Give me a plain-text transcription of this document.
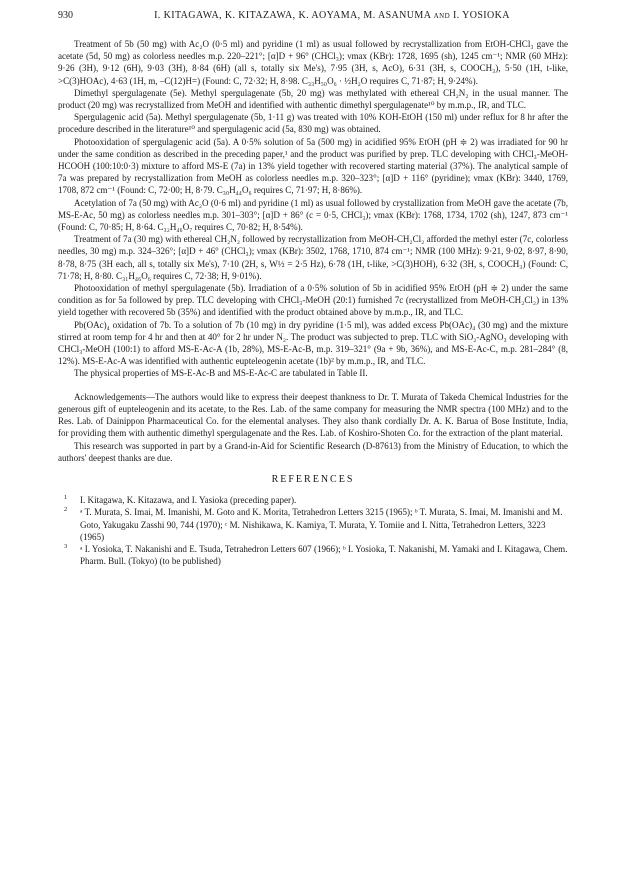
930	I. KITAGAWA, K. KITAZAWA, K. AOYAMA, M. ASANUMA and I. YOSIOKA

Treatment of 5b (50 mg) with Ac₂O (0·5 ml) and pyridine (1 ml) as usual followed by recrystallization from EtOH-CHCl₃ gave the acetate (5d, 50 mg) as colorless needles m.p. 220–221°; [α]D + 96° (CHCl₃); νmax (KBr): 1728, 1695 (sh), 1245 cm⁻¹; NMR (60 MHz): 9·26 (3H), 9·12 (6H), 9·03 (3H), 8·84 (6H) (all s, totally six Me's), 7·95 (3H, s, AcO), 6·31 (3H, s, COOCH₃), 5·50 (1H, t-like, >C(3)HOAc), 4·63 (1H, m, –C(12)H=) (Found: C, 72·32; H, 8·98. C₃₃H₅₀O₆ · ½H₂O requires C, 71·87; H, 9·24%).

Dimethyl spergulagenate (5e). Methyl spergulagenate (5b, 20 mg) was methylated with ethereal CH₂N₂ in the usual manner. The product (20 mg) was recrystallized from MeOH and identified with authentic dimethyl spergulagenate¹⁰ by m.m.p., IR, and TLC.

Spergulagenic acid (5a). Methyl spergulagenate (5b, 1·11 g) was treated with 10% KOH-EtOH (150 ml) under reflux for 8 hr after the procedure described in the literature¹⁰ and spergulagenic acid (5a, 830 mg) was obtained.

Photooxidation of spergulagenic acid (5a). A 0·5% solution of 5a (500 mg) in acidified 95% EtOH (pH ≑ 2) was irradiated for 90 hr under the same condition as described in the preceding paper,¹ and the product was purified by prep. TLC developing with CHCl₃-MeOH-HCOOH (100:10:0·3) mixture to afford MS-E (7a) in 13% yield together with recovered starting material (37%). The analytical sample of 7a was prepared by recrystallization from MeOH as colorless needles m.p. 320–323°; [α]D + 116° (pyridine); νmax (KBr): 3440, 1769, 1708, 872 cm⁻¹ (Found: C, 72·00; H, 8·79. C₃₀H₄₄O₆ requires C, 71·97; H, 8·86%).

Acetylation of 7a (50 mg) with Ac₂O (0·6 ml) and pyridine (1 ml) as usual followed by crystallization from MeOH gave the acetate (7b, MS-E-Ac, 50 mg) as colorless needles m.p. 301–303°; [α]D + 86° (c = 0·5, CHCl₃); νmax (KBr): 1768, 1734, 1702 (sh), 1247, 873 cm⁻¹ (Found: C, 70·85; H, 8·64. C₃₂H₄₆O₇ requires C, 70·82; H, 8·54%).

Treatment of 7a (30 mg) with ethereal CH₂N₂ followed by recrystallization from MeOH-CH₂Cl₂ afforded the methyl ester (7c, colorless needles, 30 mg) m.p. 324–326°; [α]D + 46° (CHCl₃); νmax (KBr): 3502, 1768, 1710, 874 cm⁻¹; NMR (100 MHz): 9·21, 9·02, 8·97, 8·90, 8·78, 8·75 (3H each, all s, totally six Me's), 7·10 (2H, s, W½ = 2·5 Hz), 6·78 (1H, t-like, >C(3)HOH), 6·32 (3H, s, COOCH₃) (Found: C, 71·78; H, 8·80. C₃₁H₄₆O₆ requires C, 72·38; H, 9·01%).

Photooxidation of methyl spergulagenate (5b). Irradiation of a 0·5% solution of 5b in acidified 95% EtOH (pH ≑ 2) under the same condition as for 5a followed by prep. TLC developing with CHCl₃-MeOH (20:1) furnished 7c (recrystallized from MeOH-CH₂Cl₂) in 13% yield together with recovered 5b (35%) and identified with the product obtained above by m.m.p., IR, and TLC.

Pb(OAc)₄ oxidation of 7b. To a solution of 7b (10 mg) in dry pyridine (1·5 ml), was added excess Pb(OAc)₄ (30 mg) and the mixture stirred at room temp for 4 hr and then at 40° for 2 hr under N₂. The product was subjected to prep. TLC with SiO₂-AgNO₃ developing with CHCl₃-MeOH (100:1) to afford MS-E-Ac-A (1b, 28%), MS-E-Ac-B, m.p. 319–321° (9a + 9b, 36%), and MS-E-Ac-C, m.p. 281–284° (8, 12%). MS-E-Ac-A was identified with authentic eupteleogenin acetate (1b)² by m.m.p., IR, and TLC.

The physical properties of MS-E-Ac-B and MS-E-Ac-C are tabulated in Table II.

Acknowledgements—The authors would like to express their deepest thankness to Dr. T. Murata of Takeda Chemical Industries for the generous gift of eupteleogenin and its acetate, to the Res. Lab. of the same company for measuring the NMR spectra (100 MHz) and to the Res. Lab. of Dainippon Pharmaceutical Co. for the elemental analyses. They also thank cordially Dr. A. K. Barua of Bose Institute, India, for providing them with authentic dimethyl spergulagenate and the Res. Lab. of Koshiro-Shoten Co. for the extraction of the plant material.

This research was supported in part by a Grand-in-Aid for Scientific Research (D-87613) from the Ministry of Education, to which the authors' deepest thanks are due.

REFERENCES
1 I. Kitagawa, K. Kitazawa, and I. Yasioka (preceding paper).
2 ᵃ T. Murata, S. Imai, M. Imanishi, M. Goto and K. Morita, Tetrahedron Letters 3215 (1965); ᵇ T. Murata, S. Imai, M. Imanishi and M. Goto, Yakugaku Zasshi 90, 744 (1970); ᶜ M. Nishikawa, K. Kamiya, T. Murata, Y. Tomiie and I. Nitta, Tetrahedron Letters, 3223 (1965)
3 ᵃ I. Yosioka, T. Nakanishi and E. Tsuda, Tetrahedron Letters 607 (1966); ᵇ I. Yosioka, T. Nakanishi, M. Yamaki and I. Kitagawa, Chem. Pharm. Bull. (Tokyo) (to be published)
